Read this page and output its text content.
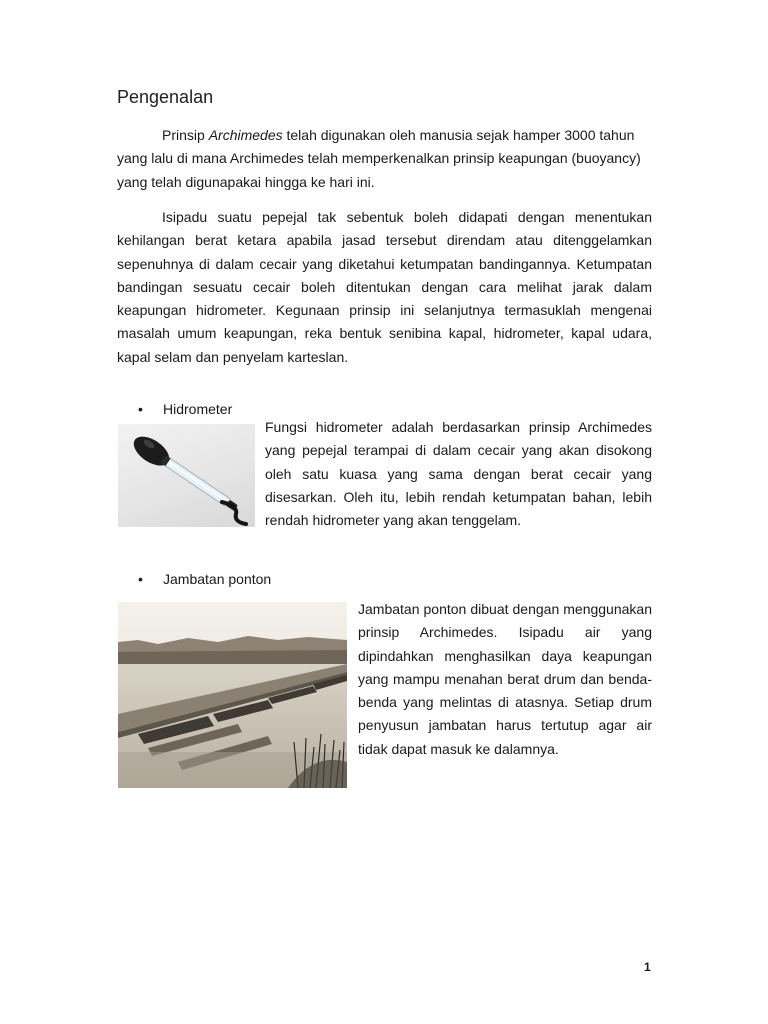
Pengenalan

Prinsip Archimedes telah digunakan oleh manusia sejak hamper 3000 tahun yang lalu di mana Archimedes telah memperkenalkan prinsip keapungan (buoyancy) yang telah digunapakai hingga ke hari ini.

Isipadu suatu pepejal tak sebentuk boleh didapati dengan menentukan kehilangan berat ketara apabila jasad tersebut direndam atau ditenggelamkan sepenuhnya di dalam cecair yang diketahui ketumpatan bandingannya. Ketumpatan bandingan sesuatu cecair boleh ditentukan dengan cara melihat jarak dalam keapungan hidrometer. Kegunaan prinsip ini selanjutnya termasuklah mengenai masalah umum keapungan, reka bentuk senibina kapal, hidrometer, kapal udara, kapal selam dan penyelam karteslan.

• Hidrometer

Fungsi hidrometer adalah berdasarkan prinsip Archimedes yang pepejal terampai di dalam cecair yang akan disokong oleh satu kuasa yang sama dengan berat cecair yang disesarkan. Oleh itu, lebih rendah ketumpatan bahan, lebih rendah hidrometer yang akan tenggelam.

• Jambatan ponton

Jambatan ponton dibuat dengan menggunakan prinsip Archimedes. Isipadu air yang dipindahkan menghasilkan daya keapungan yang mampu menahan berat drum dan benda-benda yang melintas di atasnya. Setiap drum penyusun jambatan harus tertutup agar air tidak dapat masuk ke dalamnya.

1
